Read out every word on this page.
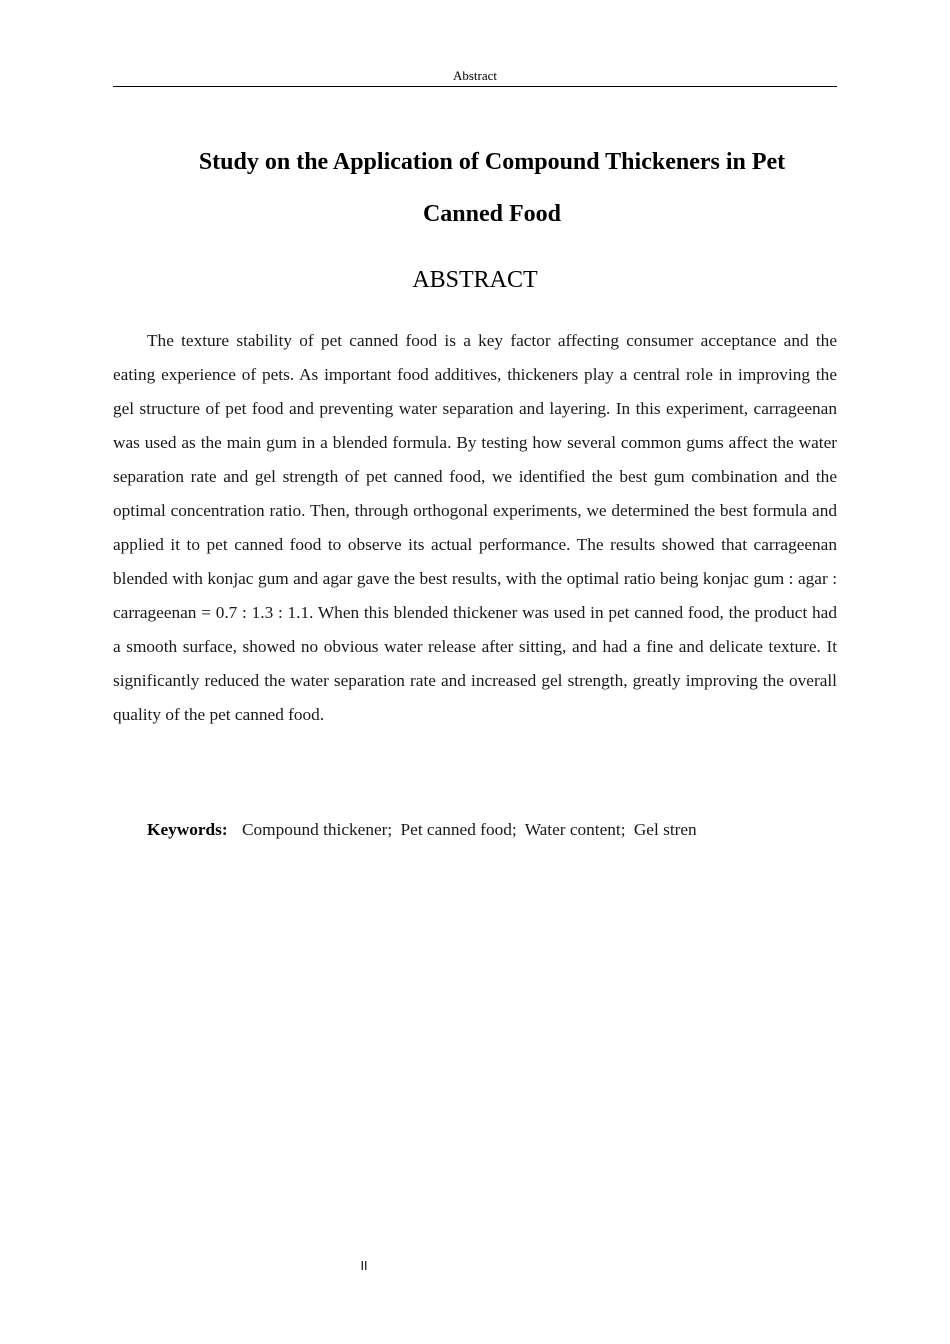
Abstract
Study on the Application of Compound Thickeners in Pet
Canned Food
ABSTRACT

The texture stability of pet canned food is a key factor affecting consumer acceptance and the eating experience of pets. As important food additives, thickeners play a central role in improving the gel structure of pet food and preventing water separation and layering. In this experiment, carrageenan was used as the main gum in a blended formula. By testing how several common gums affect the water separation rate and gel strength of pet canned food, we identified the best gum combination and the optimal concentration ratio. Then, through orthogonal experiments, we determined the best formula and applied it to pet canned food to observe its actual performance. The results showed that carrageenan blended with konjac gum and agar gave the best results, with the optimal ratio being konjac gum : agar : carrageenan = 0.7 : 1.3 : 1.1. When this blended thickener was used in pet canned food, the product had a smooth surface, showed no obvious water release after sitting, and had a fine and delicate texture. It significantly reduced the water separation rate and increased gel strength, greatly improving the overall quality of the pet canned food.

Keywords: Compound thickener; Pet canned food; Water content; Gel stren

II
